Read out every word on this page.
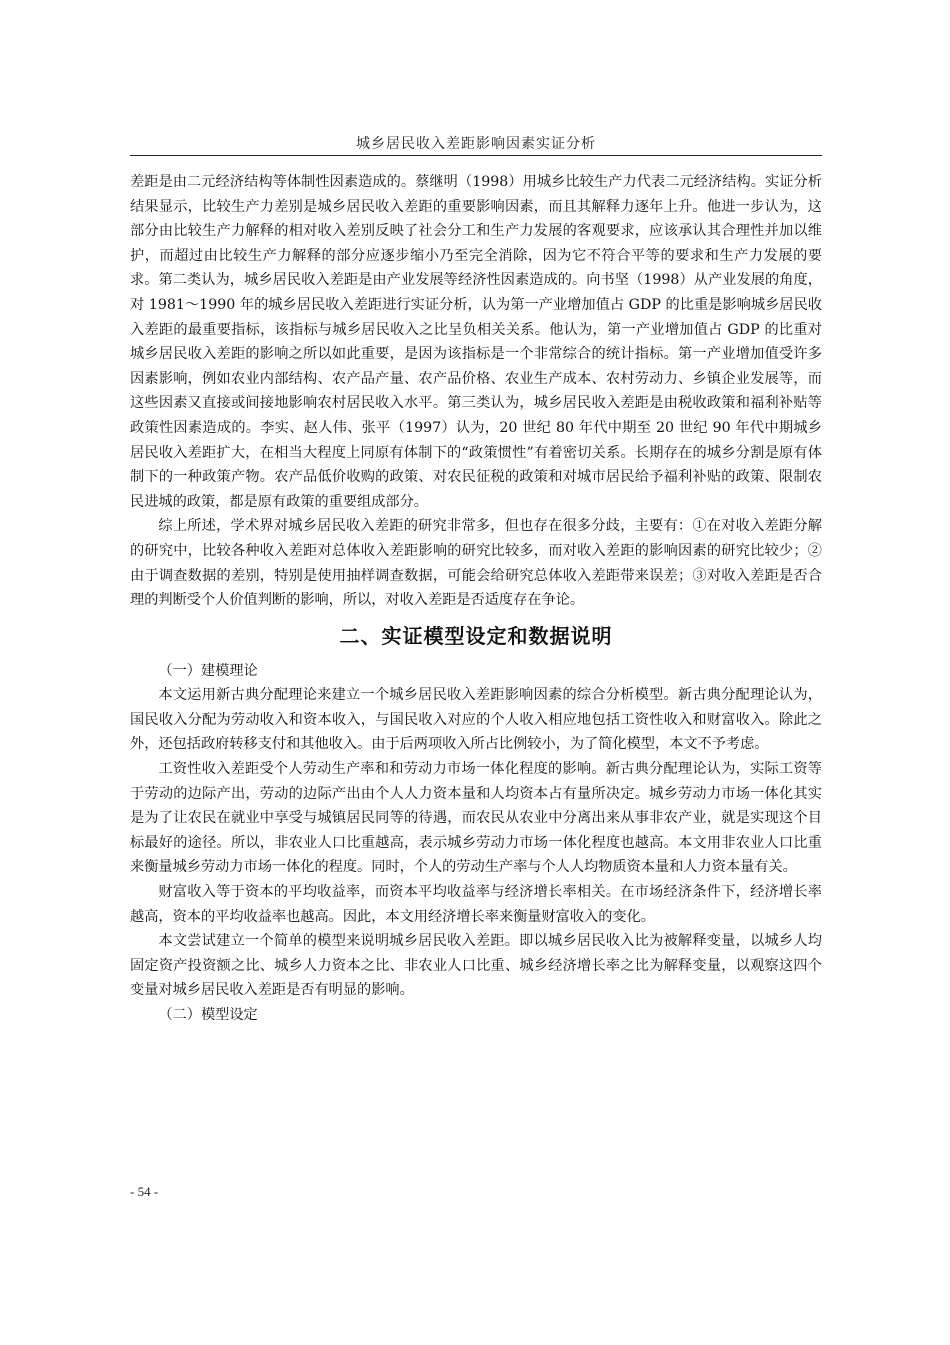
城乡居民收入差距影响因素实证分析

差距是由二元经济结构等体制性因素造成的。蔡继明（1998）用城乡比较生产力代表二元经济结构。实证分析结果显示，比较生产力差别是城乡居民收入差距的重要影响因素，而且其解释力逐年上升。他进一步认为，这部分由比较生产力解释的相对收入差别反映了社会分工和生产力发展的客观要求，应该承认其合理性并加以维护，而超过由比较生产力解释的部分应逐步缩小乃至完全消除，因为它不符合平等的要求和生产力发展的要求。第二类认为，城乡居民收入差距是由产业发展等经济性因素造成的。向书坚（1998）从产业发展的角度，对 1981～1990 年的城乡居民收入差距进行实证分析，认为第一产业增加值占 GDP 的比重是影响城乡居民收入差距的最重要指标，该指标与城乡居民收入之比呈负相关关系。他认为，第一产业增加值占 GDP 的比重对城乡居民收入差距的影响之所以如此重要，是因为该指标是一个非常综合的统计指标。第一产业增加值受许多因素影响，例如农业内部结构、农产品产量、农产品价格、农业生产成本、农村劳动力、乡镇企业发展等，而这些因素又直接或间接地影响农村居民收入水平。第三类认为，城乡居民收入差距是由税收政策和福利补贴等政策性因素造成的。李实、赵人伟、张平（1997）认为，20 世纪 80 年代中期至 20 世纪 90 年代中期城乡居民收入差距扩大，在相当大程度上同原有体制下的“政策惯性”有着密切关系。长期存在的城乡分割是原有体制下的一种政策产物。农产品低价收购的政策、对农民征税的政策和对城市居民给予福利补贴的政策、限制农民进城的政策，都是原有政策的重要组成部分。

综上所述，学术界对城乡居民收入差距的研究非常多，但也存在很多分歧，主要有：①在对收入差距分解的研究中，比较各种收入差距对总体收入差距影响的研究比较多，而对收入差距的影响因素的研究比较少；②由于调查数据的差别，特别是使用抽样调查数据，可能会给研究总体收入差距带来误差；③对收入差距是否合理的判断受个人价值判断的影响，所以，对收入差距是否适度存在争论。

二、实证模型设定和数据说明

（一）建模理论

本文运用新古典分配理论来建立一个城乡居民收入差距影响因素的综合分析模型。新古典分配理论认为，国民收入分配为劳动收入和资本收入，与国民收入对应的个人收入相应地包括工资性收入和财富收入。除此之外，还包括政府转移支付和其他收入。由于后两项收入所占比例较小，为了简化模型，本文不予考虑。

工资性收入差距受个人劳动生产率和和劳动力市场一体化程度的影响。新古典分配理论认为，实际工资等于劳动的边际产出，劳动的边际产出由个人人力资本量和人均资本占有量所决定。城乡劳动力市场一体化其实是为了让农民在就业中享受与城镇居民同等的待遇，而农民从农业中分离出来从事非农产业，就是实现这个目标最好的途径。所以，非农业人口比重越高，表示城乡劳动力市场一体化程度也越高。本文用非农业人口比重来衡量城乡劳动力市场一体化的程度。同时，个人的劳动生产率与个人人均物质资本量和人力资本量有关。

财富收入等于资本的平均收益率，而资本平均收益率与经济增长率相关。在市场经济条件下，经济增长率越高，资本的平均收益率也越高。因此，本文用经济增长率来衡量财富收入的变化。

本文尝试建立一个简单的模型来说明城乡居民收入差距。即以城乡居民收入比为被解释变量，以城乡人均固定资产投资额之比、城乡人力资本之比、非农业人口比重、城乡经济增长率之比为解释变量，以观察这四个变量对城乡居民收入差距是否有明显的影响。

（二）模型设定

- 54 -
